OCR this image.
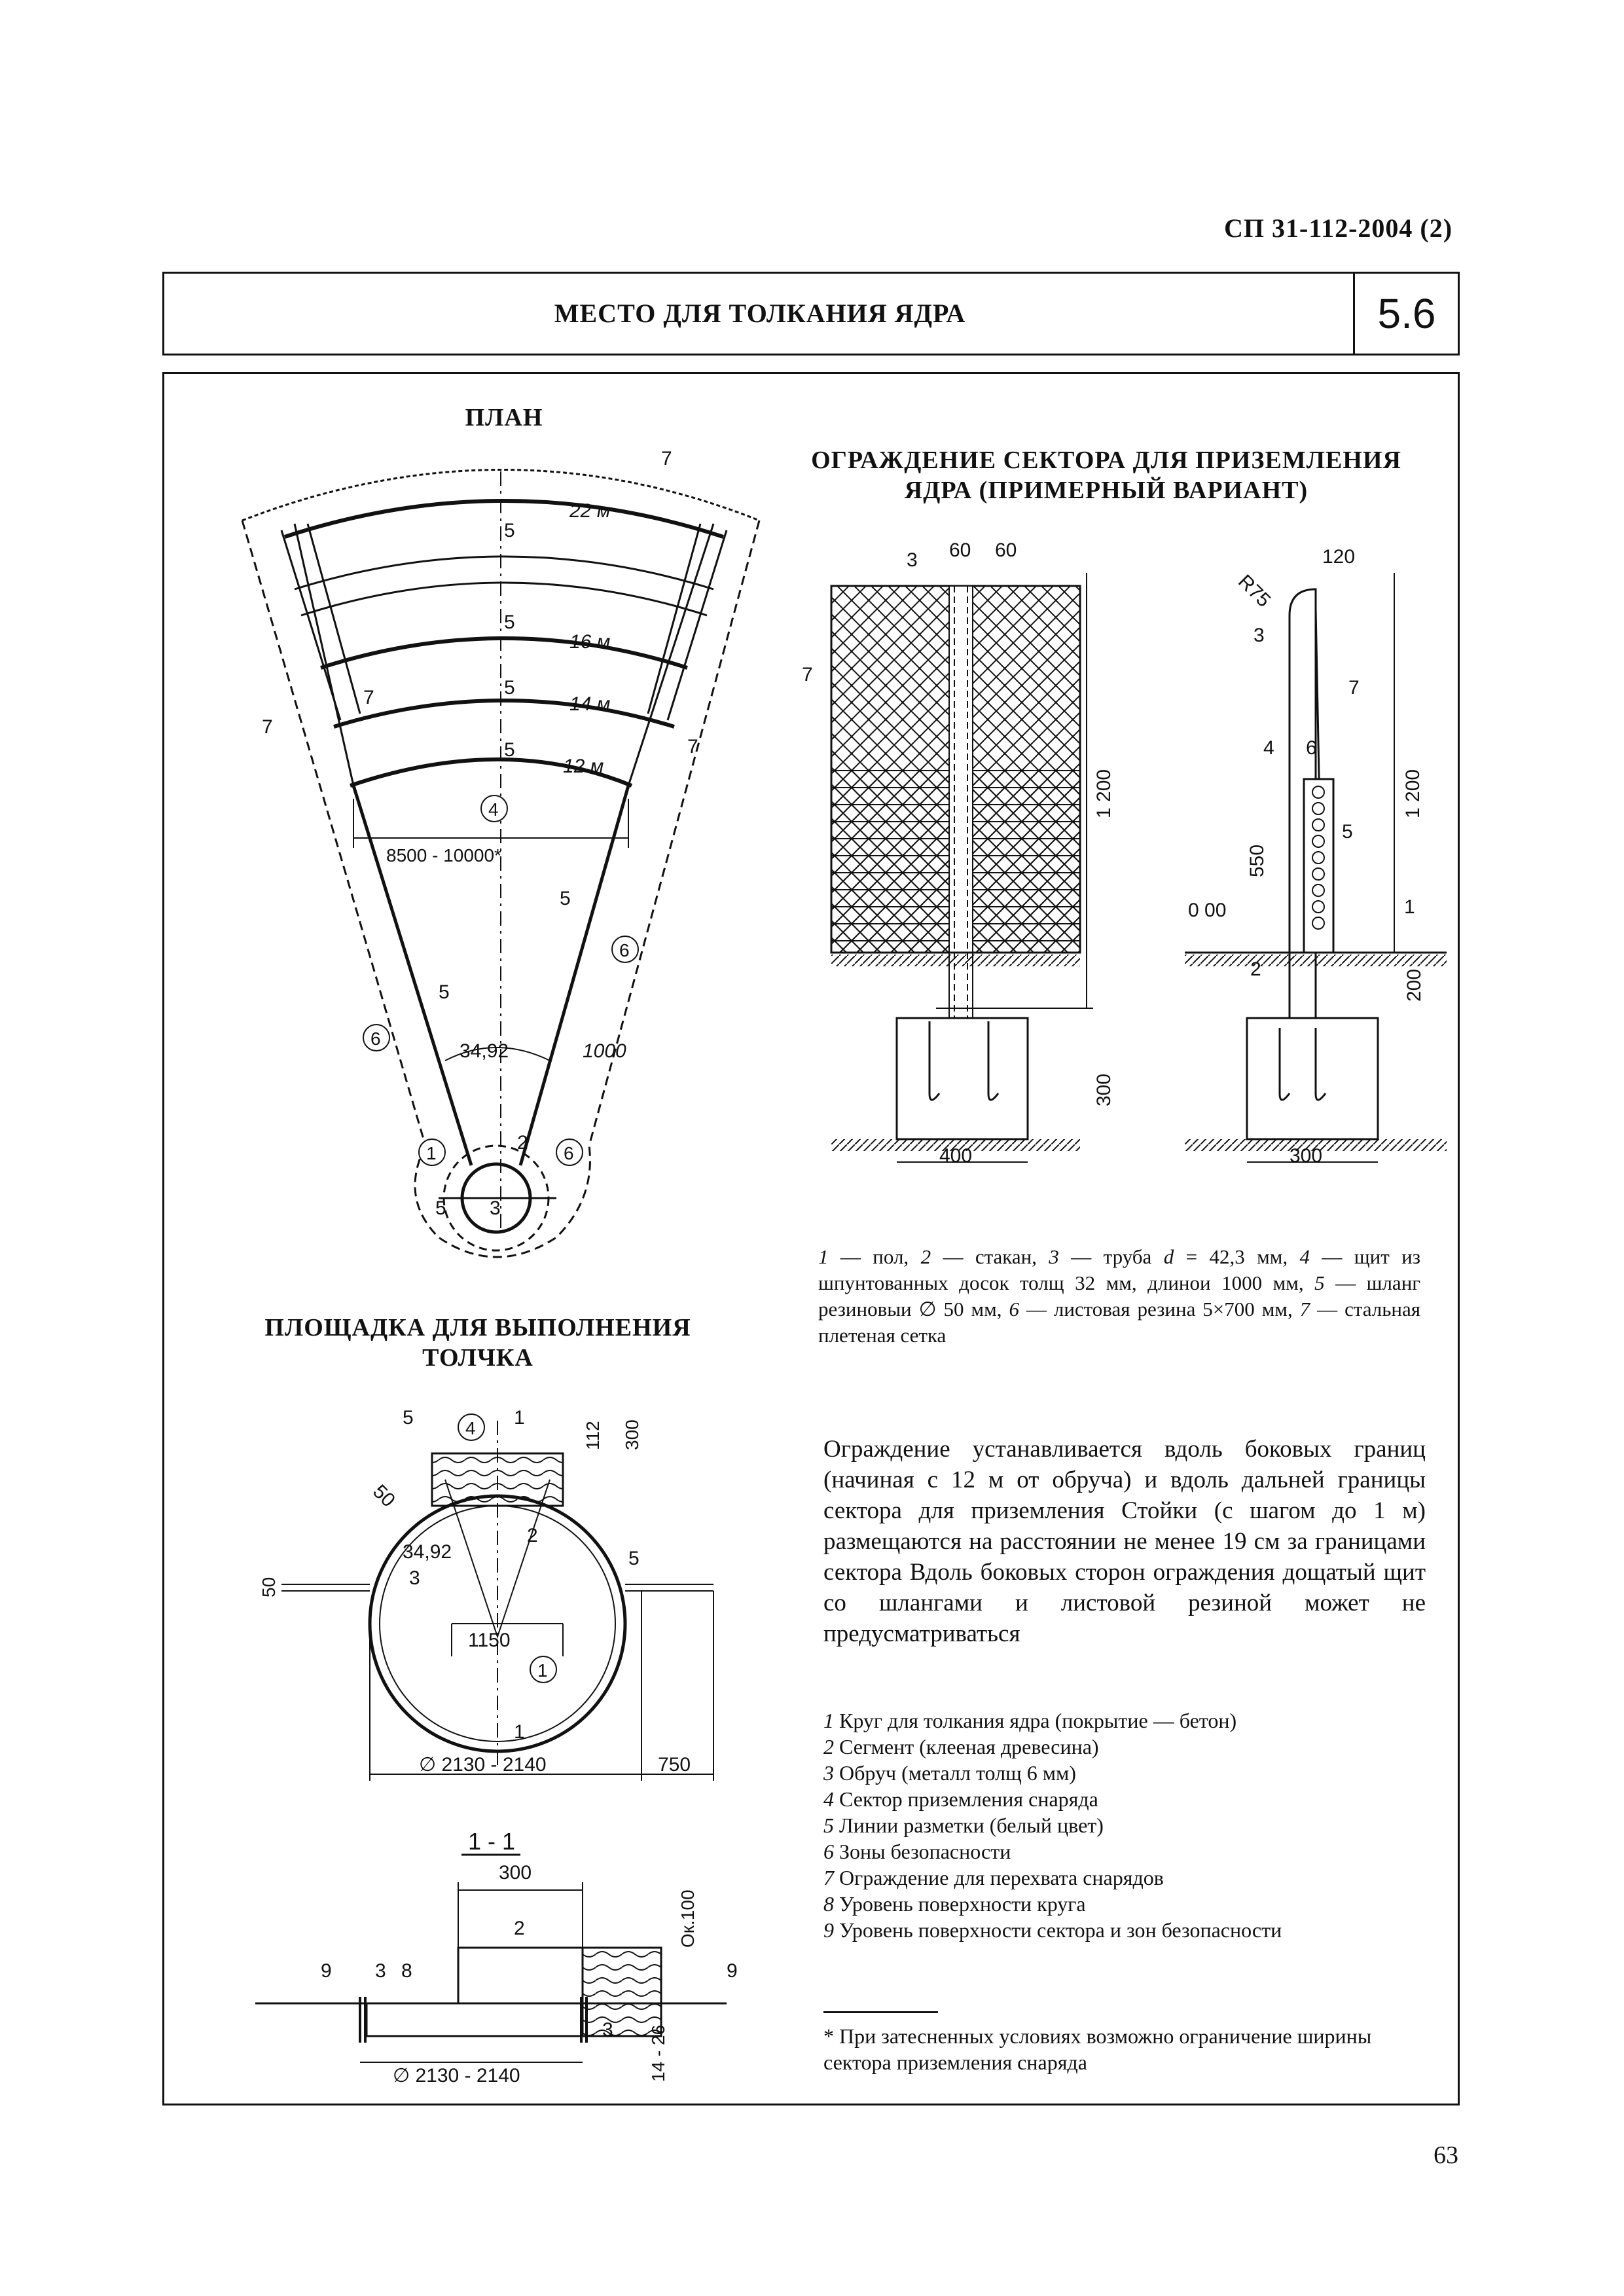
СП 31-112-2004 (2)
МЕСТО ДЛЯ ТОЛКАНИЯ ЯДРА	5.6
ПЛАН
22 м
16 м
14 м
12 м
5
5
5
5
7
7
7
7
4
8500 - 10000*
5
5
6
6
34,92	1000
1	2 6
5 3
ОГРАЖДЕНИЕ СЕКТОРА ДЛЯ ПРИЗЕМЛЕНИЯ
ЯДРА (ПРИМЕРНЫЙ ВАРИАНТ)
3 60 60
7
1 200
300
400
120
R75
3
7
1 200
4 6
5
550
0 00	1
2	200
300
1 — пол, 2 — стакан, 3 — труба d = 42,3 мм, 4 — щит из шпунтованных досок толщ 32 мм, длинои 1000 мм, 5 — шланг резиновыи ∅ 50 мм, 6 — листовая резина 5×700 мм, 7 — стальная плетеная сетка
ПЛОЩАДКА ДЛЯ ВЫПОЛНЕНИЯ
ТОЛЧКА
5	4 1
112 300
50
2
34,92	5
50	3
1150
1
1
∅ 2130 - 2140	750
1 - 1
300
Ок.100
2
9 3 8	9
3 14 - 26
∅ 2130 - 2140
Ограждение устанавливается вдоль боковых границ (начиная с 12 м от обруча) и вдоль дальней границы сектора для приземления Стойки (с шагом до 1 м) размещаются на расстоянии не менее 19 см за границами сектора Вдоль боковых сторон ограждения дощатый щит со шлангами и листовой резиной может не предусматриваться
1 Круг для толкания ядра (покрытие — бетон)
2 Сегмент (клееная древесина)
3 Обруч (металл толщ 6 мм)
4 Сектор приземления снаряда
5 Линии разметки (белый цвет)
6 Зоны безопасности
7 Ограждение для перехвата снарядов
8 Уровень поверхности круга
9 Уровень поверхности сектора и зон безопасности
* При затесненных условиях возможно ограничение ширины сектора приземления снаряда
63
